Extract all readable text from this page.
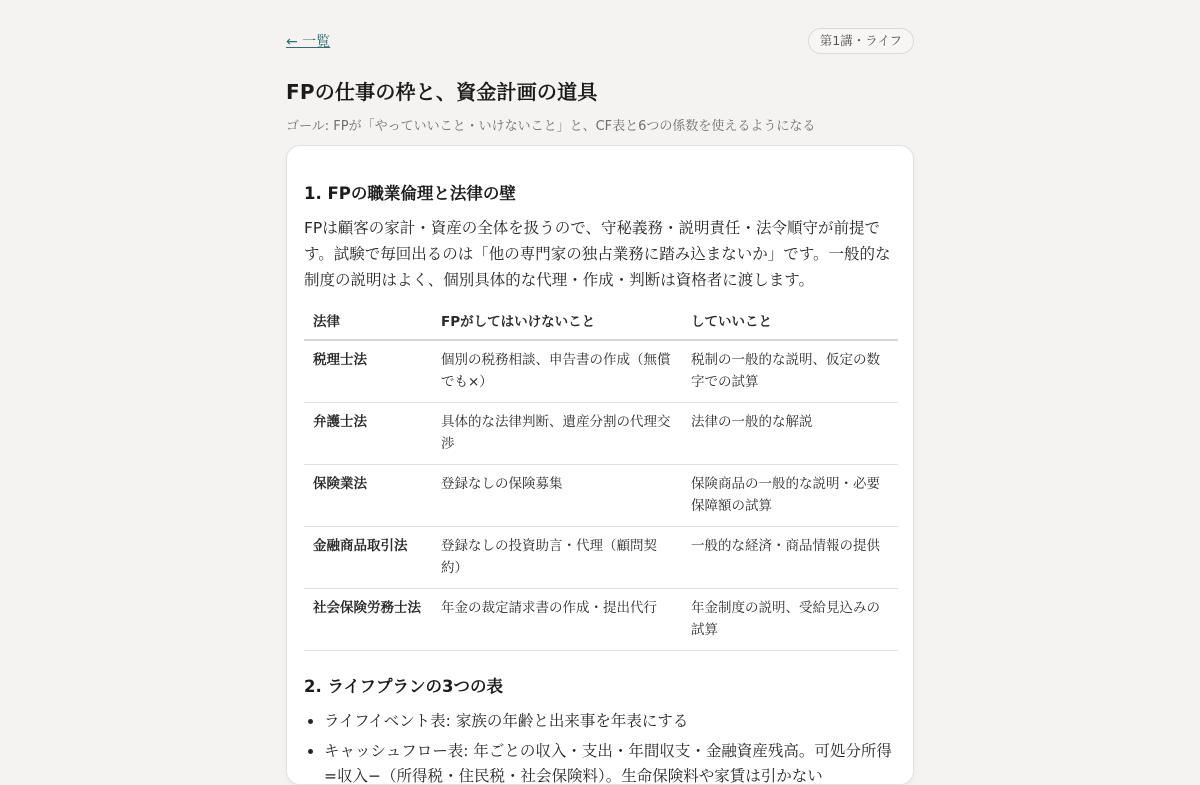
← 一覧	第1講・ライフ
FPの仕事の枠と、資金計画の道具
ゴール: FPが「やっていいこと・いけないこと」と、CF表と6つの係数を使えるようになる
1. FPの職業倫理と法律の壁

FPは顧客の家計・資産の全体を扱うので、守秘義務・説明責任・法令順守が前提です。試験で毎回出るのは「他の専門家の独占業務に踏み込まないか」です。一般的な制度の説明はよく、個別具体的な代理・作成・判断は資格者に渡します。

法律	FPがしてはいけないこと	していいこと
税理士法	個別の税務相談、申告書の作成（無償でも×）	税制の一般的な説明、仮定の数字での試算
弁護士法	具体的な法律判断、遺産分割の代理交渉	法律の一般的な解説
保険業法	登録なしの保険募集	保険商品の一般的な説明・必要保障額の試算
金融商品取引法	登録なしの投資助言・代理（顧問契約）	一般的な経済・商品情報の提供
社会保険労務士法	年金の裁定請求書の作成・提出代行	年金制度の説明、受給見込みの試算
2. ライフプランの3つの表
• ライフイベント表: 家族の年齢と出来事を年表にする
• キャッシュフロー表: 年ごとの収入・支出・年間収支・金融資産残高。可処分所得=収入−（所得税・住民税・社会保険料）。生命保険料や家賃は引かない
